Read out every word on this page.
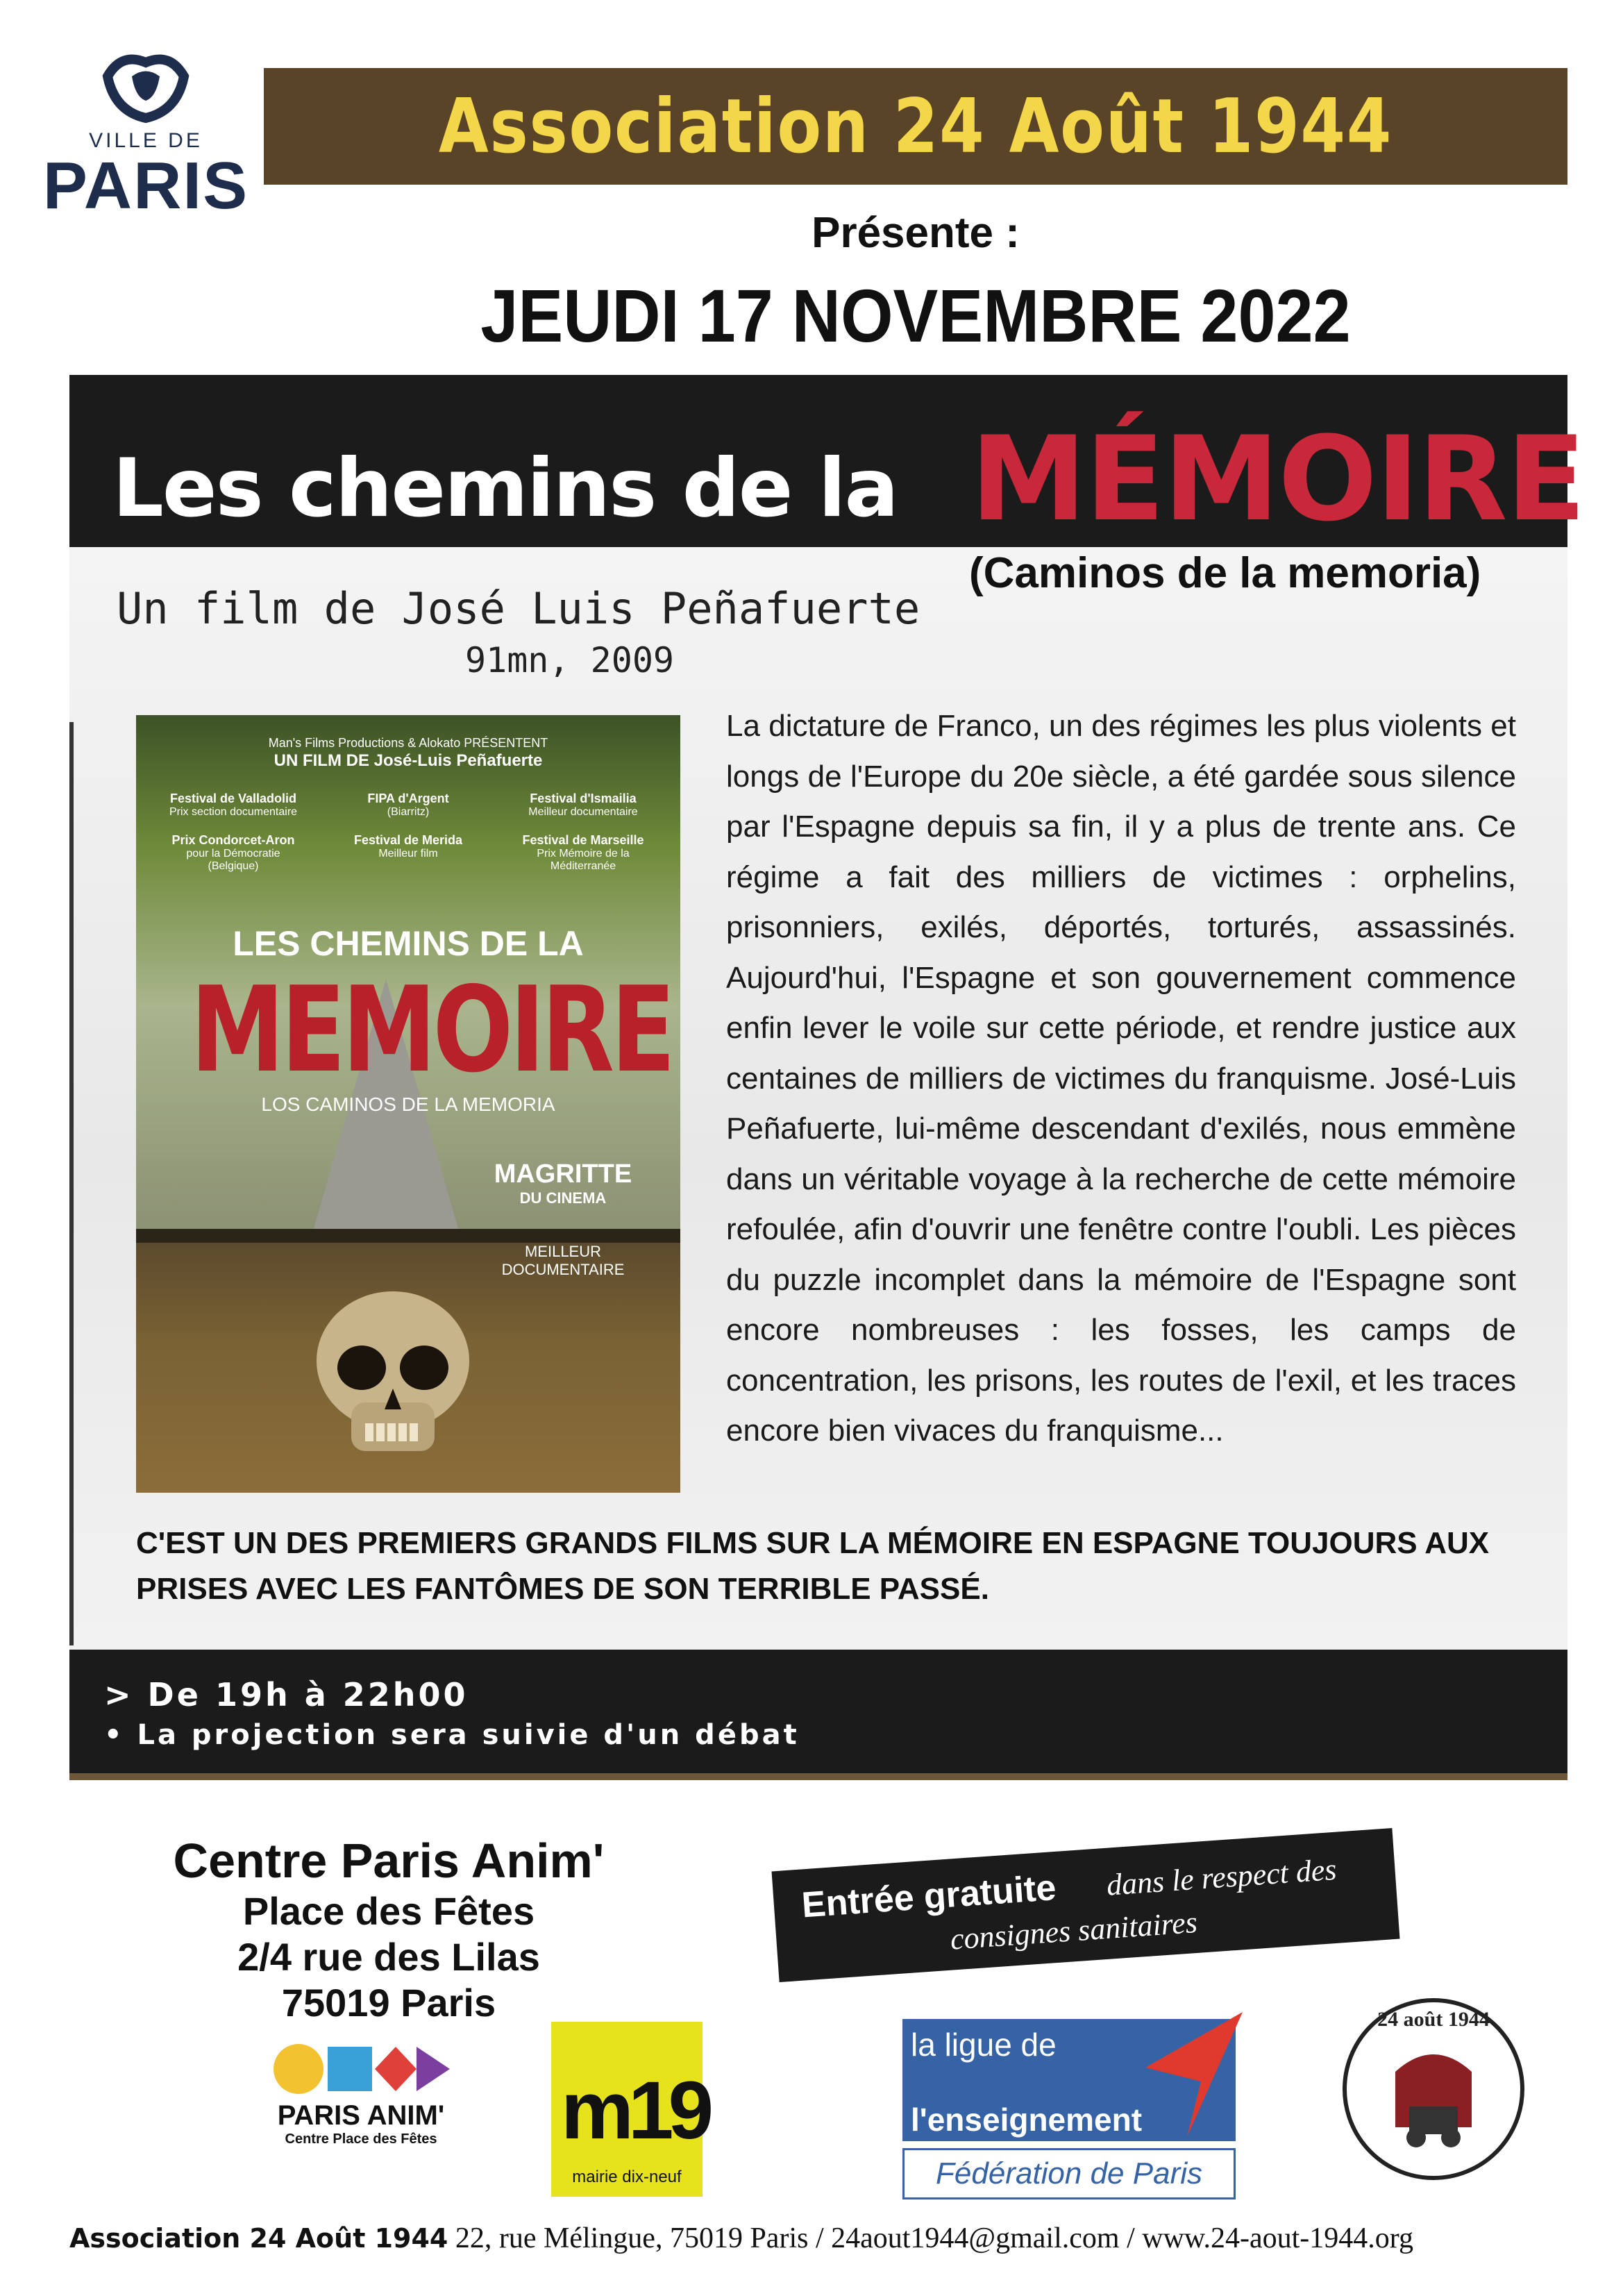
VILLE DE
PARIS
Association 24 Août 1944
Présente :
JEUDI 17 NOVEMBRE 2022
Les chemins de la MÉMOIRE
(Caminos de la memoria)
Un film de José Luis Peñafuerte
91mn, 2009
Man's Films Productions & Alokato PRÉSENTENT
UN FILM DE José-Luis Peñafuerte
Festival de Valladolid
Prix section documentaire
FIPA d'Argent
(Biarritz)
Festival d'Ismailia
Meilleur documentaire
Prix Condorcet-Aron
pour la Démocratie (Belgique)
Festival de Merida
Meilleur film
Festival de Marseille
Prix Mémoire de la Méditerranée
LES CHEMINS DE LA
MEMOIRE
LOS CAMINOS DE LA MEMORIA
MAGRITTE
DU CINEMA
MEILLEUR DOCUMENTAIRE
La dictature de Franco, un des régimes les plus violents et longs de l'Europe du 20e siècle, a été gardée sous silence par l'Espagne depuis sa fin, il y a plus de trente ans. Ce régime a fait des milliers de victimes : orphelins, prisonniers, exilés, déportés, torturés, assassinés. Aujourd'hui, l'Espagne et son gouvernement commence enfin lever le voile sur cette période, et rendre justice aux centaines de milliers de victimes du franquisme. José-Luis Peñafuerte, lui-même descendant d'exilés, nous emmène dans un véritable voyage à la recherche de cette mémoire refoulée, afin d'ouvrir une fenêtre contre l'oubli. Les pièces du puzzle incomplet dans la mémoire de l'Espagne sont encore nombreuses : les fosses, les camps de concentration, les prisons, les routes de l'exil, et les traces encore bien vivaces du franquisme...
C'EST UN DES PREMIERS GRANDS FILMS SUR LA MÉMOIRE EN ESPAGNE TOUJOURS AUX PRISES AVEC LES FANTÔMES DE SON TERRIBLE PASSÉ.
> De 19h à 22h00
• La projection sera suivie d'un débat
Centre Paris Anim'
Place des Fêtes
2/4 rue des Lilas
75019 Paris
Entrée gratuite dans le respect des
consignes sanitaires
PARIS ANIM'
Centre Place des Fêtes	m19
mairie dix-neuf
la ligue de
l'enseignement
Fédération de Paris
24 août 1944
Association 24 Août 1944 22, rue Mélingue, 75019 Paris / 24aout1944@gmail.com / www.24-aout-1944.org
